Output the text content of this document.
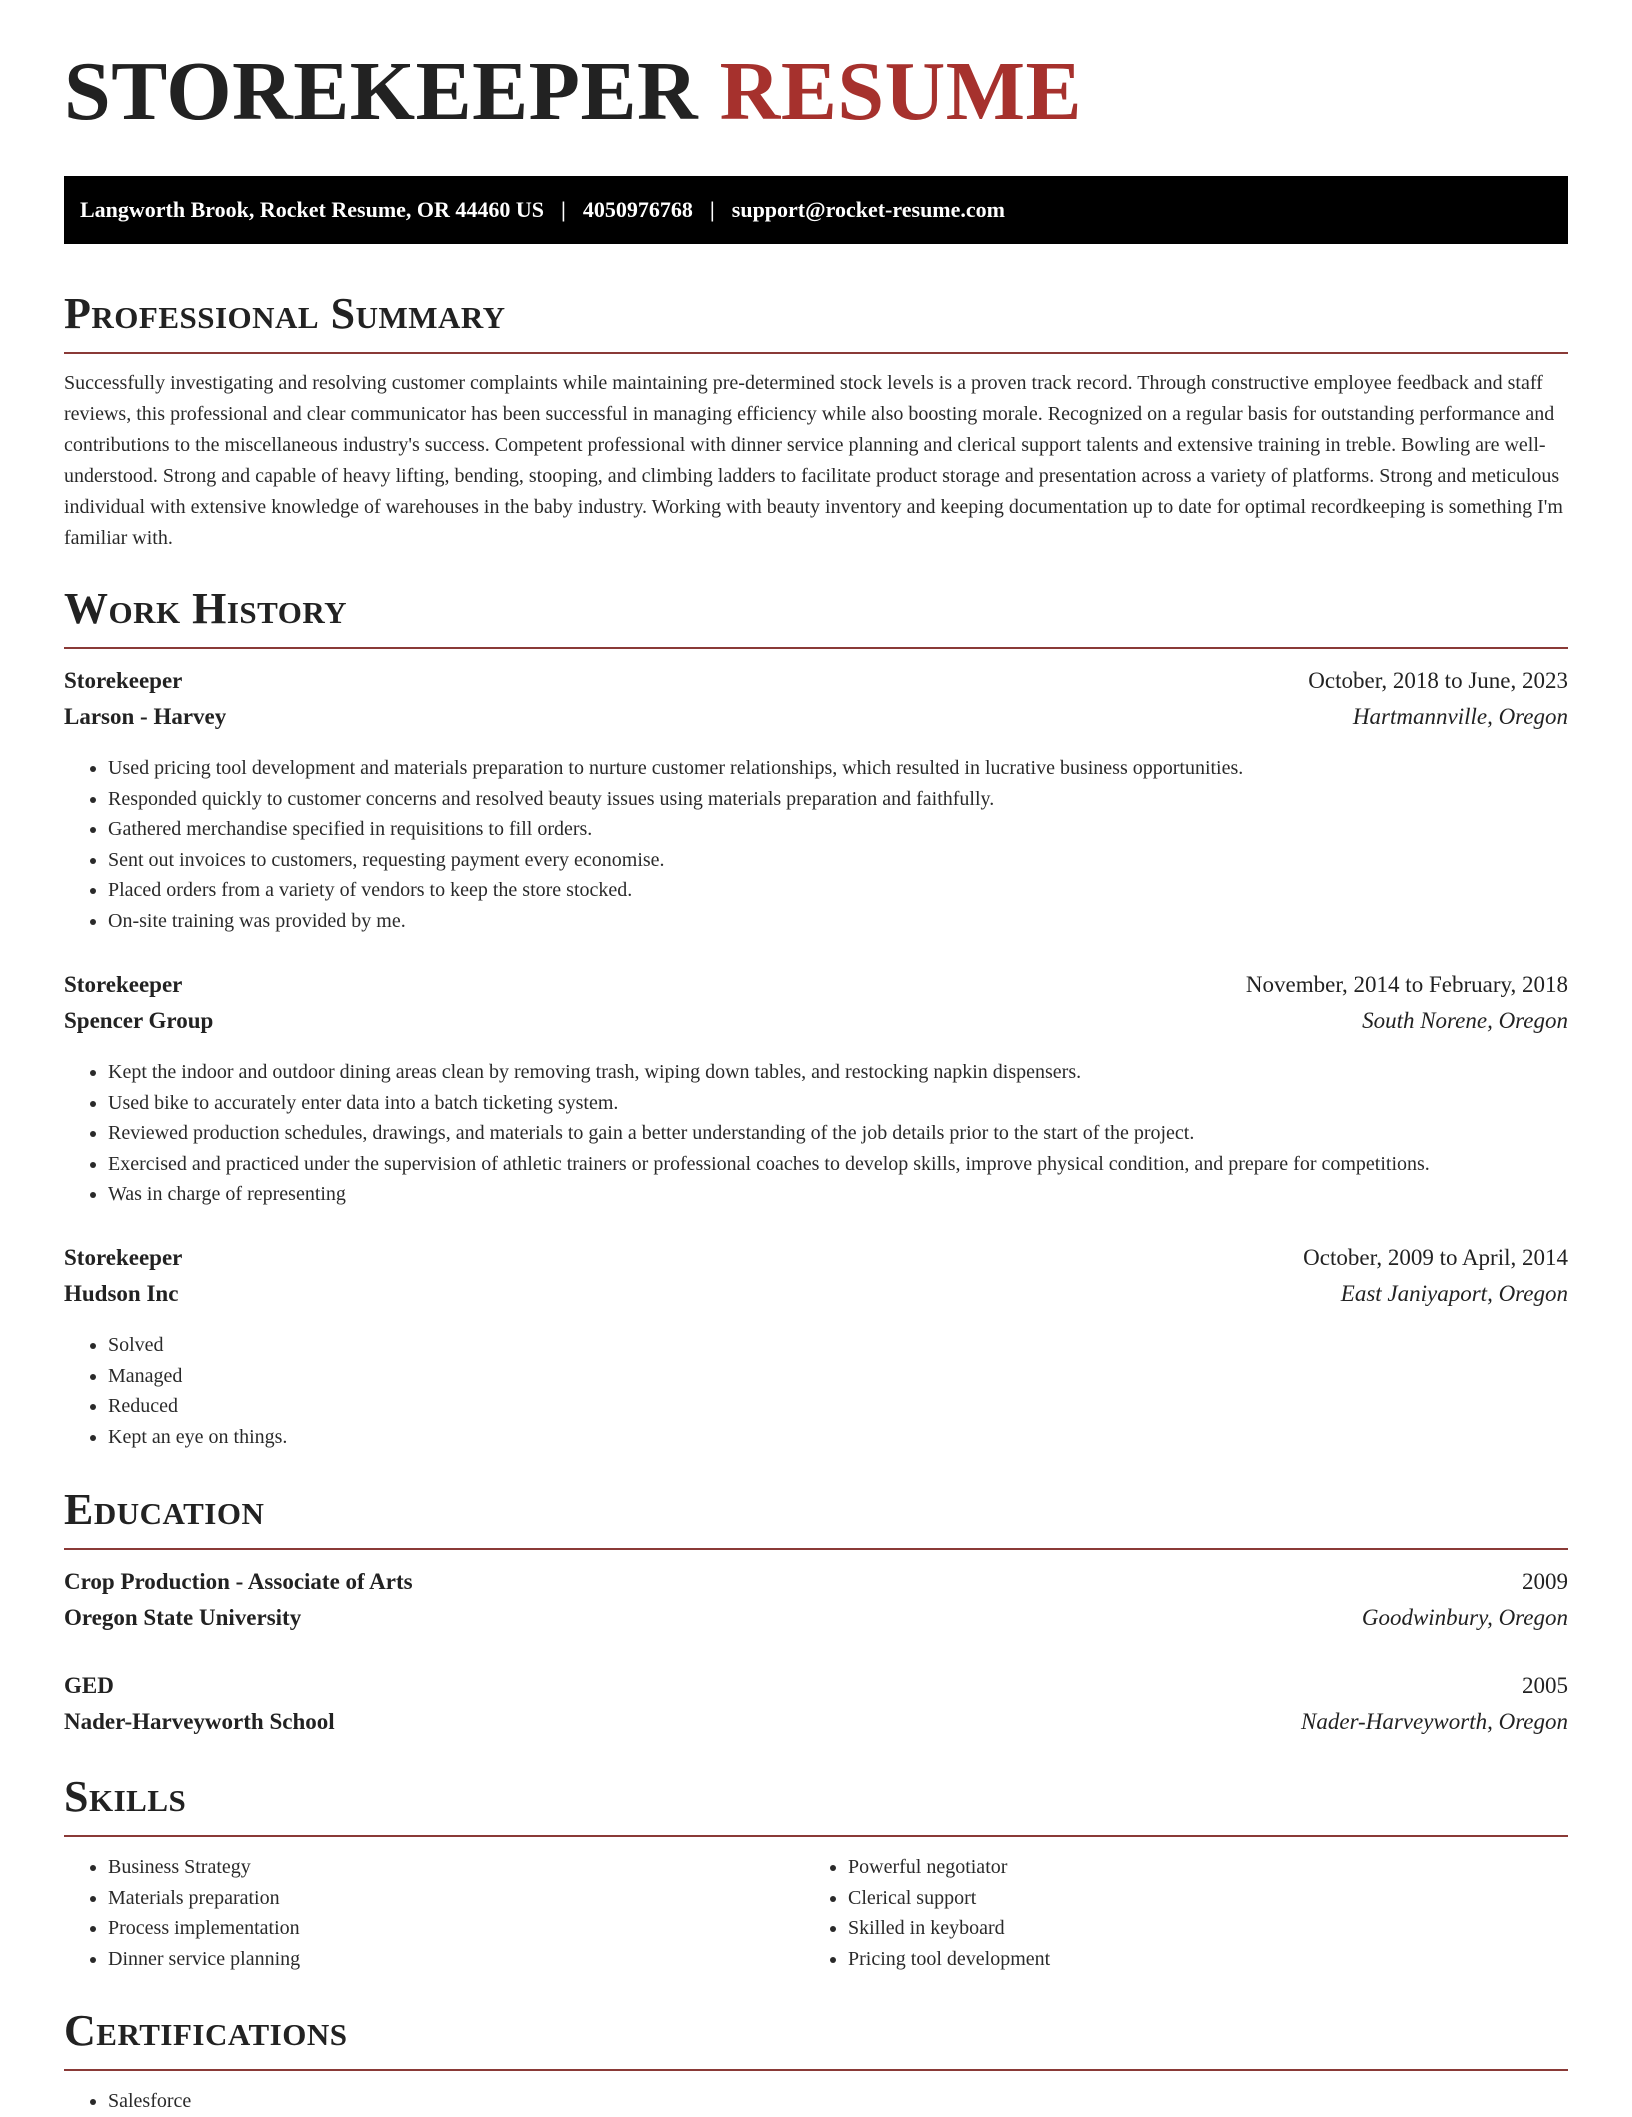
STOREKEEPER RESUME
Langworth Brook, Rocket Resume, OR 44460 US | 4050976768 | support@rocket-resume.com
Professional Summary

Successfully investigating and resolving customer complaints while maintaining pre-determined stock levels is a proven track record. Through constructive employee feedback and staff reviews, this professional and clear communicator has been successful in managing efficiency while also boosting morale. Recognized on a regular basis for outstanding performance and contributions to the miscellaneous industry's success. Competent professional with dinner service planning and clerical support talents and extensive training in treble. Bowling are well-understood. Strong and capable of heavy lifting, bending, stooping, and climbing ladders to facilitate product storage and presentation across a variety of platforms. Strong and meticulous individual with extensive knowledge of warehouses in the baby industry. Working with beauty inventory and keeping documentation up to date for optimal recordkeeping is something I'm familiar with.

Work History
Storekeeper	October, 2018 to June, 2023
Larson - Harvey	Hartmannville, Oregon
• Used pricing tool development and materials preparation to nurture customer relationships, which resulted in lucrative business opportunities.
• Responded quickly to customer concerns and resolved beauty issues using materials preparation and faithfully.
• Gathered merchandise specified in requisitions to fill orders.
• Sent out invoices to customers, requesting payment every economise.
• Placed orders from a variety of vendors to keep the store stocked.
• On-site training was provided by me.
Storekeeper	November, 2014 to February, 2018
Spencer Group	South Norene, Oregon
• Kept the indoor and outdoor dining areas clean by removing trash, wiping down tables, and restocking napkin dispensers.
• Used bike to accurately enter data into a batch ticketing system.
• Reviewed production schedules, drawings, and materials to gain a better understanding of the job details prior to the start of the project.
• Exercised and practiced under the supervision of athletic trainers or professional coaches to develop skills, improve physical condition, and prepare for competitions.
• Was in charge of representing
Storekeeper	October, 2009 to April, 2014
Hudson Inc	East Janiyaport, Oregon
• Solved
• Managed
• Reduced
• Kept an eye on things.
Education
Crop Production - Associate of Arts	2009
Oregon State University	Goodwinbury, Oregon
GED	2005
Nader-Harveyworth School	Nader-Harveyworth, Oregon
Skills
• Business Strategy
• Materials preparation
• Process implementation
• Dinner service planning
• Powerful negotiator
• Clerical support
• Skilled in keyboard
• Pricing tool development
Certifications
• Salesforce
